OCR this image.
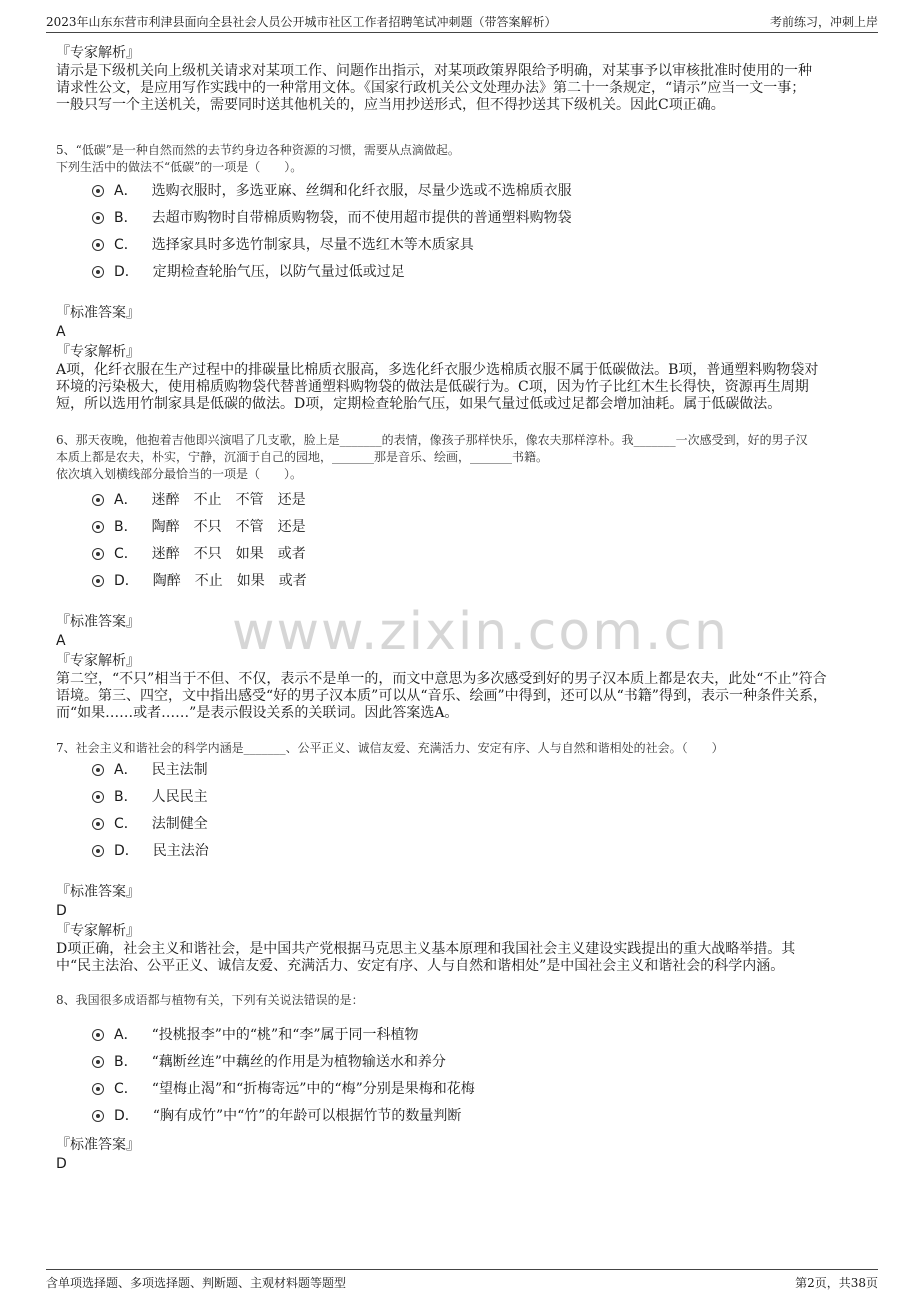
2023年山东东营市利津县面向全县社会人员公开城市社区工作者招聘笔试冲刺题（带答案解析）	考前练习，冲刺上岸
www.zixin.com.cn
『专家解析』
请示是下级机关向上级机关请求对某项工作、问题作出指示，对某项政策界限给予明确，对某事予以审核批准时使用的一种
请求性公文，是应用写作实践中的一种常用文体。《国家行政机关公文处理办法》第二十一条规定，“请示”应当一文一事；
一般只写一个主送机关，需要同时送其他机关的，应当用抄送形式，但不得抄送其下级机关。因此C项正确。
5、“低碳”是一种自然而然的去节约身边各种资源的习惯，需要从点滴做起。
下列生活中的做法不“低碳”的一项是（　　）。
A． 选购衣服时，多选亚麻、丝绸和化纤衣服，尽量少选或不选棉质衣服
B． 去超市购物时自带棉质购物袋，而不使用超市提供的普通塑料购物袋
C． 选择家具时多选竹制家具，尽量不选红木等木质家具
D． 定期检查轮胎气压，以防气量过低或过足
『标准答案』
A
『专家解析』
A项，化纤衣服在生产过程中的排碳量比棉质衣服高，多选化纤衣服少选棉质衣服不属于低碳做法。B项，普通塑料购物袋对
环境的污染极大，使用棉质购物袋代替普通塑料购物袋的做法是低碳行为。C项，因为竹子比红木生长得快，资源再生周期
短，所以选用竹制家具是低碳的做法。D项，定期检查轮胎气压，如果气量过低或过足都会增加油耗。属于低碳做法。
6、那天夜晚，他抱着吉他即兴演唱了几支歌，脸上是_______的表情，像孩子那样快乐，像农夫那样淳朴。我_______一次感受到，好的男子汉
本质上都是农夫，朴实，宁静，沉湎于自己的园地，_______那是音乐、绘画，_______书籍。
依次填入划横线部分最恰当的一项是（　　）。
A． 迷醉　不止　不管　还是
B． 陶醉　不只　不管　还是
C． 迷醉　不只　如果　或者
D． 陶醉　不止　如果　或者
『标准答案』
A
『专家解析』
第二空，“不只”相当于不但、不仅，表示不是单一的，而文中意思为多次感受到好的男子汉本质上都是农夫，此处“不止”符合
语境。第三、四空，文中指出感受“好的男子汉本质”可以从“音乐、绘画”中得到，还可以从“书籍”得到，表示一种条件关系，
而“如果……或者……”是表示假设关系的关联词。因此答案选A。
7、社会主义和谐社会的科学内涵是_______、公平正义、诚信友爱、充满活力、安定有序、人与自然和谐相处的社会。（　　）
A． 民主法制
B． 人民民主
C． 法制健全
D． 民主法治
『标准答案』
D
『专家解析』
D项正确，社会主义和谐社会，是中国共产党根据马克思主义基本原理和我国社会主义建设实践提出的重大战略举措。其
中“民主法治、公平正义、诚信友爱、充满活力、安定有序、人与自然和谐相处”是中国社会主义和谐社会的科学内涵。
8、我国很多成语都与植物有关，下列有关说法错误的是：
A． “投桃报李”中的“桃”和“李”属于同一科植物
B． “藕断丝连”中藕丝的作用是为植物输送水和养分
C． “望梅止渴”和“折梅寄远”中的“梅”分别是果梅和花梅
D． “胸有成竹”中“竹”的年龄可以根据竹节的数量判断
『标准答案』
D
含单项选择题、多项选择题、判断题、主观材料题等题型	第2页，共38页
